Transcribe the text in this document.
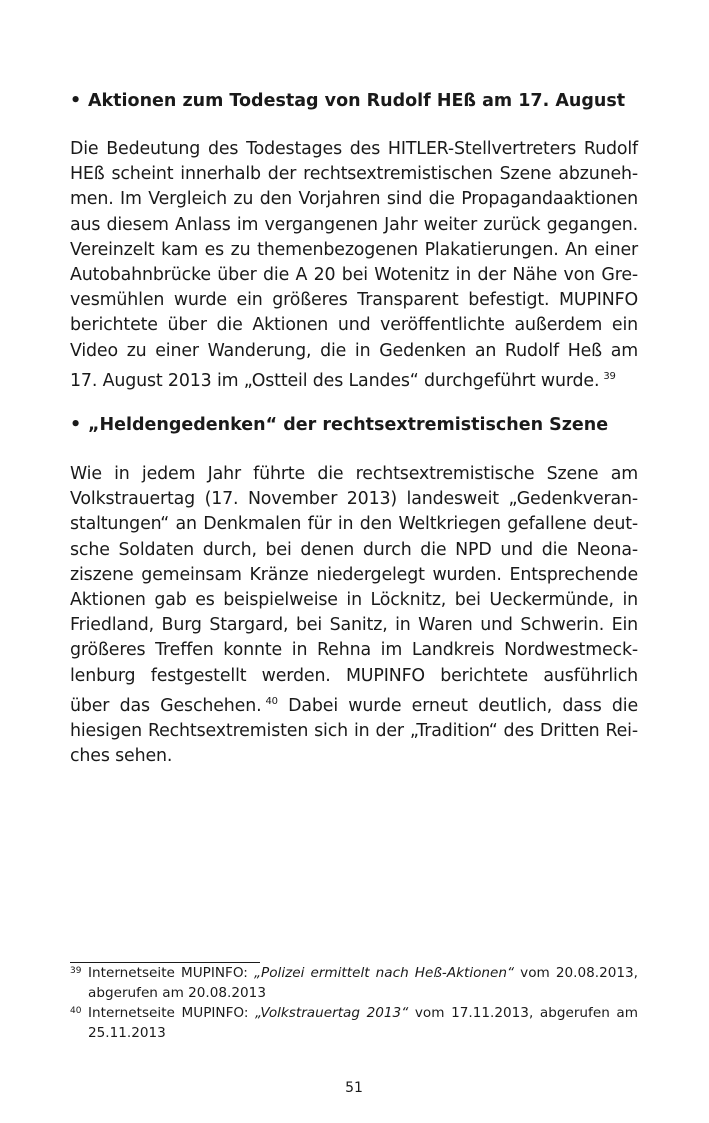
• Aktionen zum Todestag von Rudolf HEß am 17. August
Die Bedeutung des Todestages des HITLER-Stellvertreters Rudolf
HEß scheint innerhalb der rechtsextremistischen Szene abzuneh-
men. Im Vergleich zu den Vorjahren sind die Propagandaaktionen
aus diesem Anlass im vergangenen Jahr weiter zurück gegangen.
Vereinzelt kam es zu themenbezogenen Plakatierungen. An einer
Autobahnbrücke über die A 20 bei Wotenitz in der Nähe von Gre-
vesmühlen wurde ein größeres Transparent befestigt. MUPINFO
berichtete über die Aktionen und veröffentlichte außerdem ein
Video zu einer Wanderung, die in Gedenken an Rudolf Heß am
17. August 2013 im „Ostteil des Landes“ durchgeführt wurde. $^{39}$
• „Heldengedenken“ der rechtsextremistischen Szene
Wie in jedem Jahr führte die rechtsextremistische Szene am
Volkstrauertag (17. November 2013) landesweit „Gedenkveran-
staltungen“ an Denkmalen für in den Weltkriegen gefallene deut-
sche Soldaten durch, bei denen durch die NPD und die Neona-
ziszene gemeinsam Kränze niedergelegt wurden. Entsprechende
Aktionen gab es beispielweise in Löcknitz, bei Ueckermünde, in
Friedland, Burg Stargard, bei Sanitz, in Waren und Schwerin. Ein
größeres Treffen konnte in Rehna im Landkreis Nordwestmeck-
lenburg festgestellt werden. MUPINFO berichtete ausführlich
über das Geschehen. $^{40}$ Dabei wurde erneut deutlich, dass die
hiesigen Rechtsextremisten sich in der „Tradition“ des Dritten Rei-
ches sehen.
39 Internetseite MUPINFO: „Polizei ermittelt nach Heß-Aktionen“ vom 20.08.2013,
abgerufen am 20.08.2013
40 Internetseite MUPINFO: „Volkstrauertag 2013“ vom 17.11.2013, abgerufen am
25.11.2013
51
